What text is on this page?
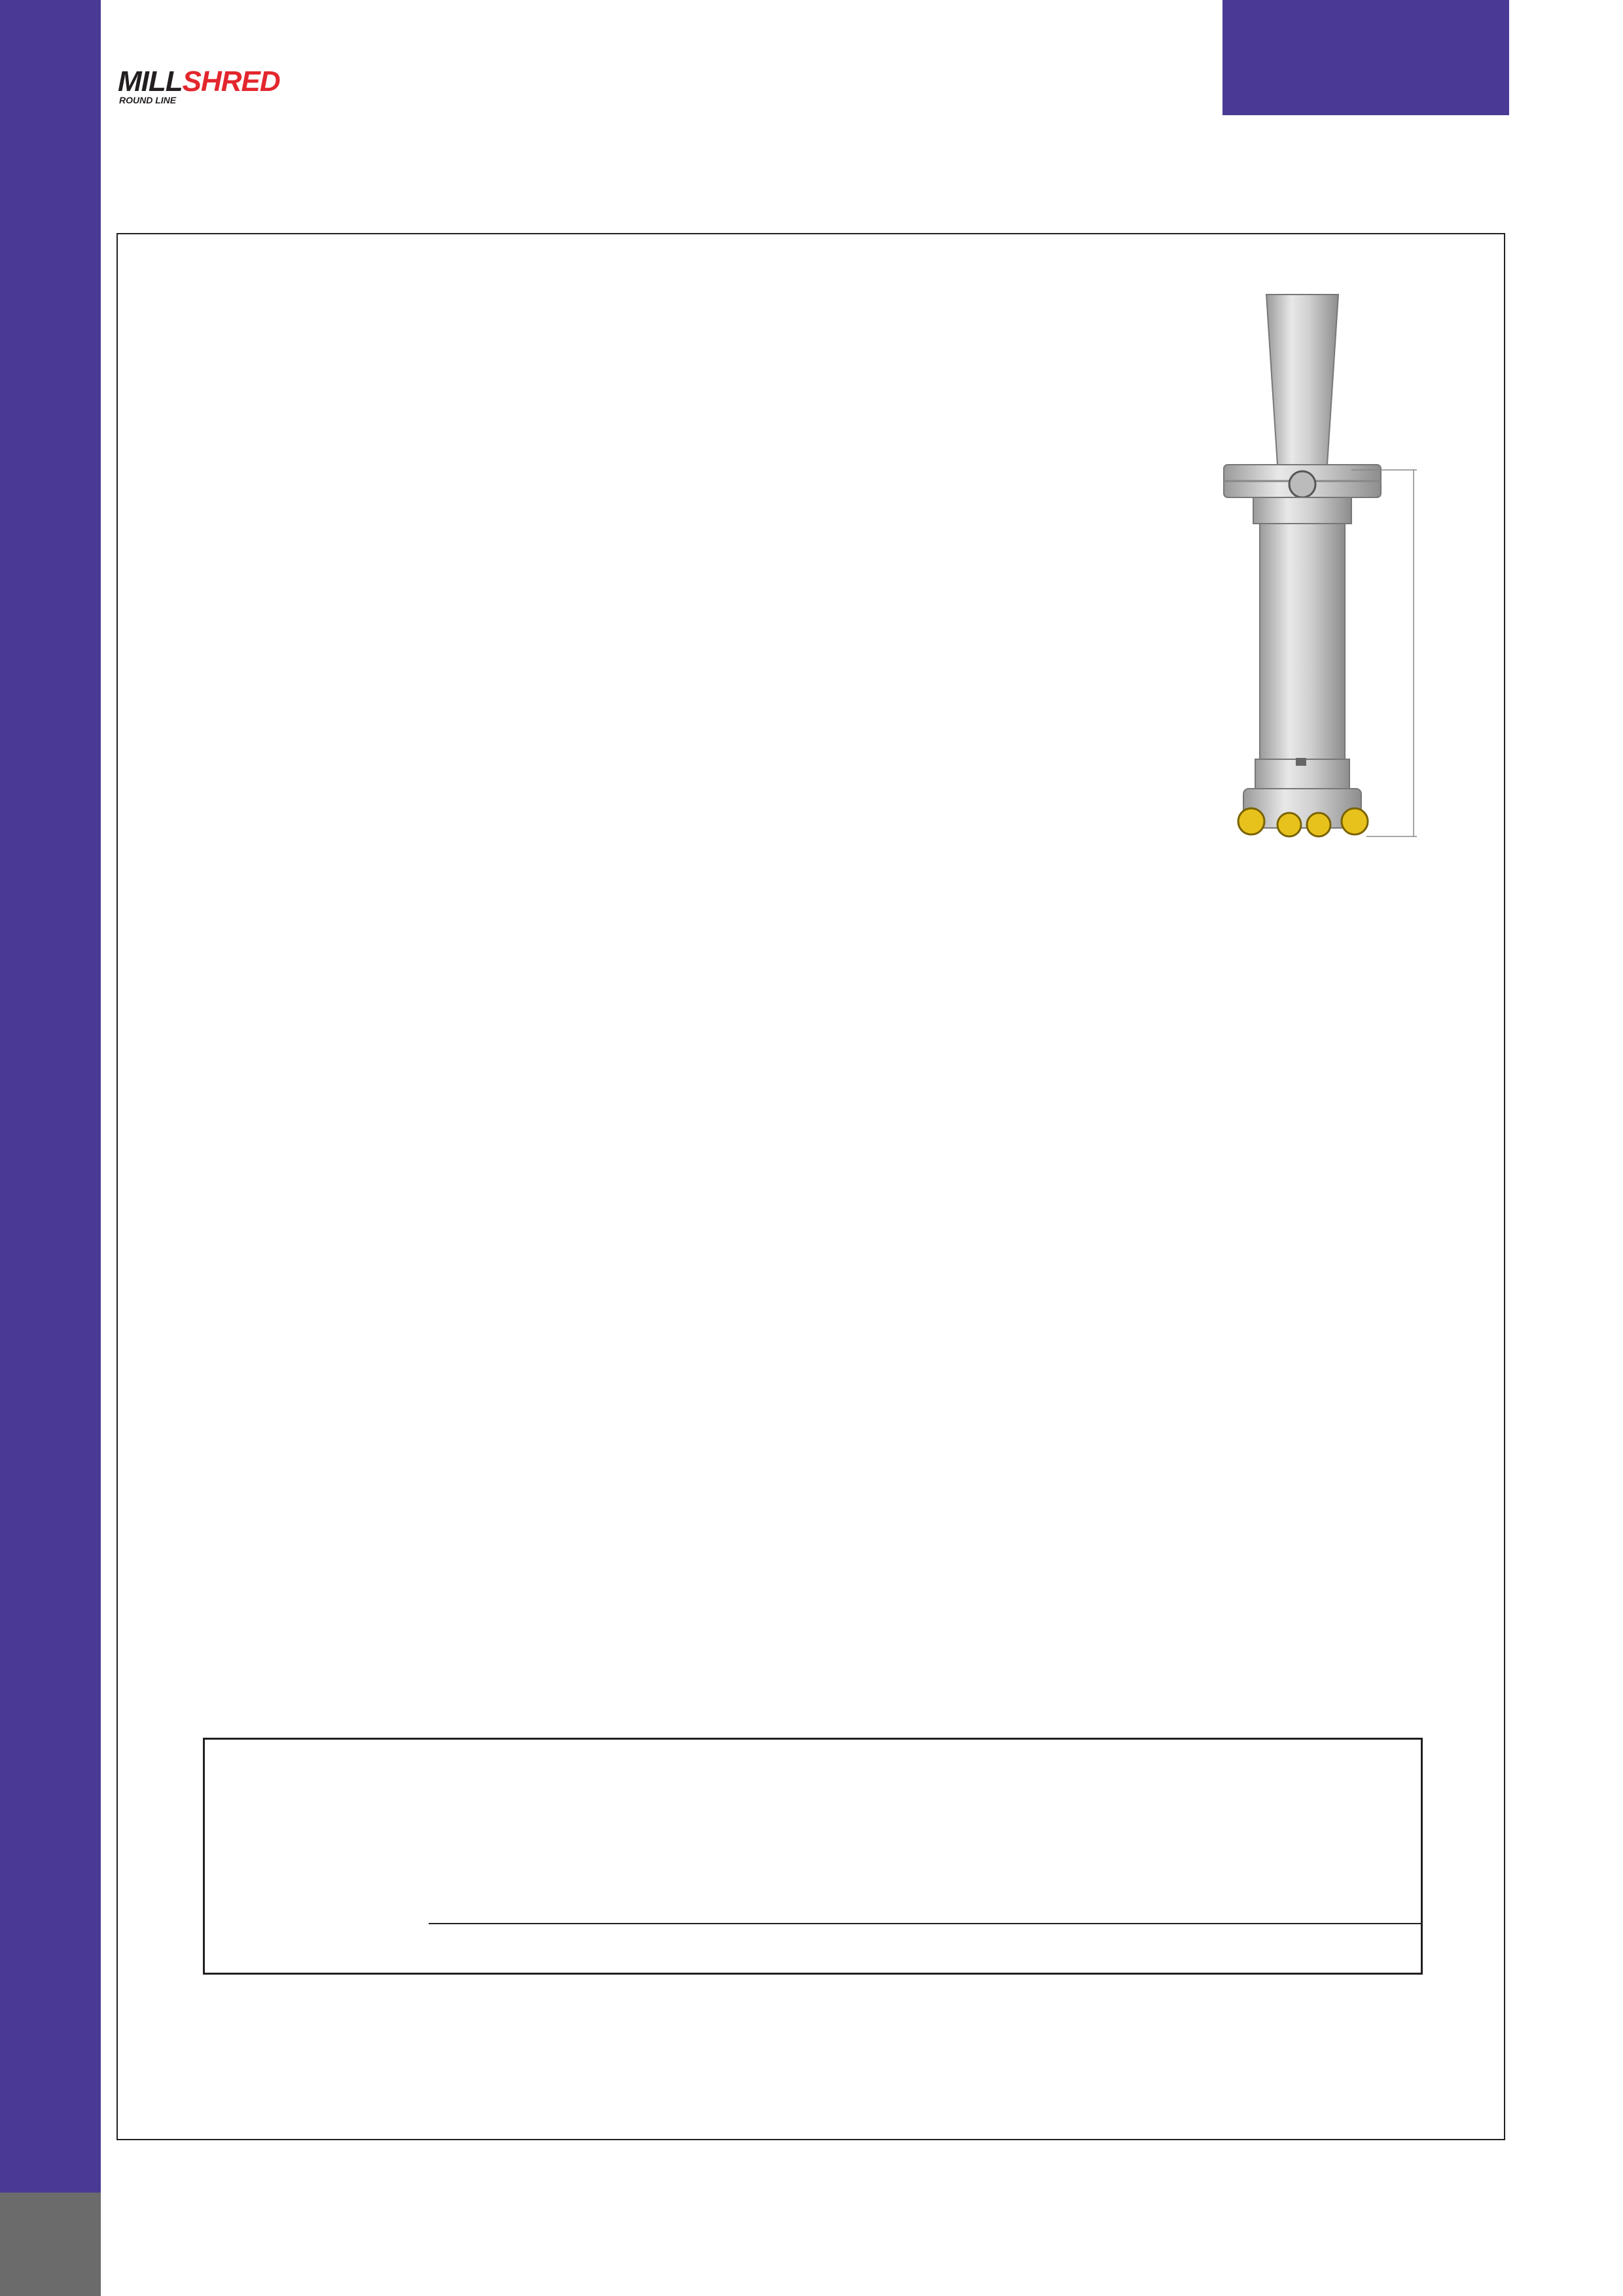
MILLSHRED
ROUND LINE
